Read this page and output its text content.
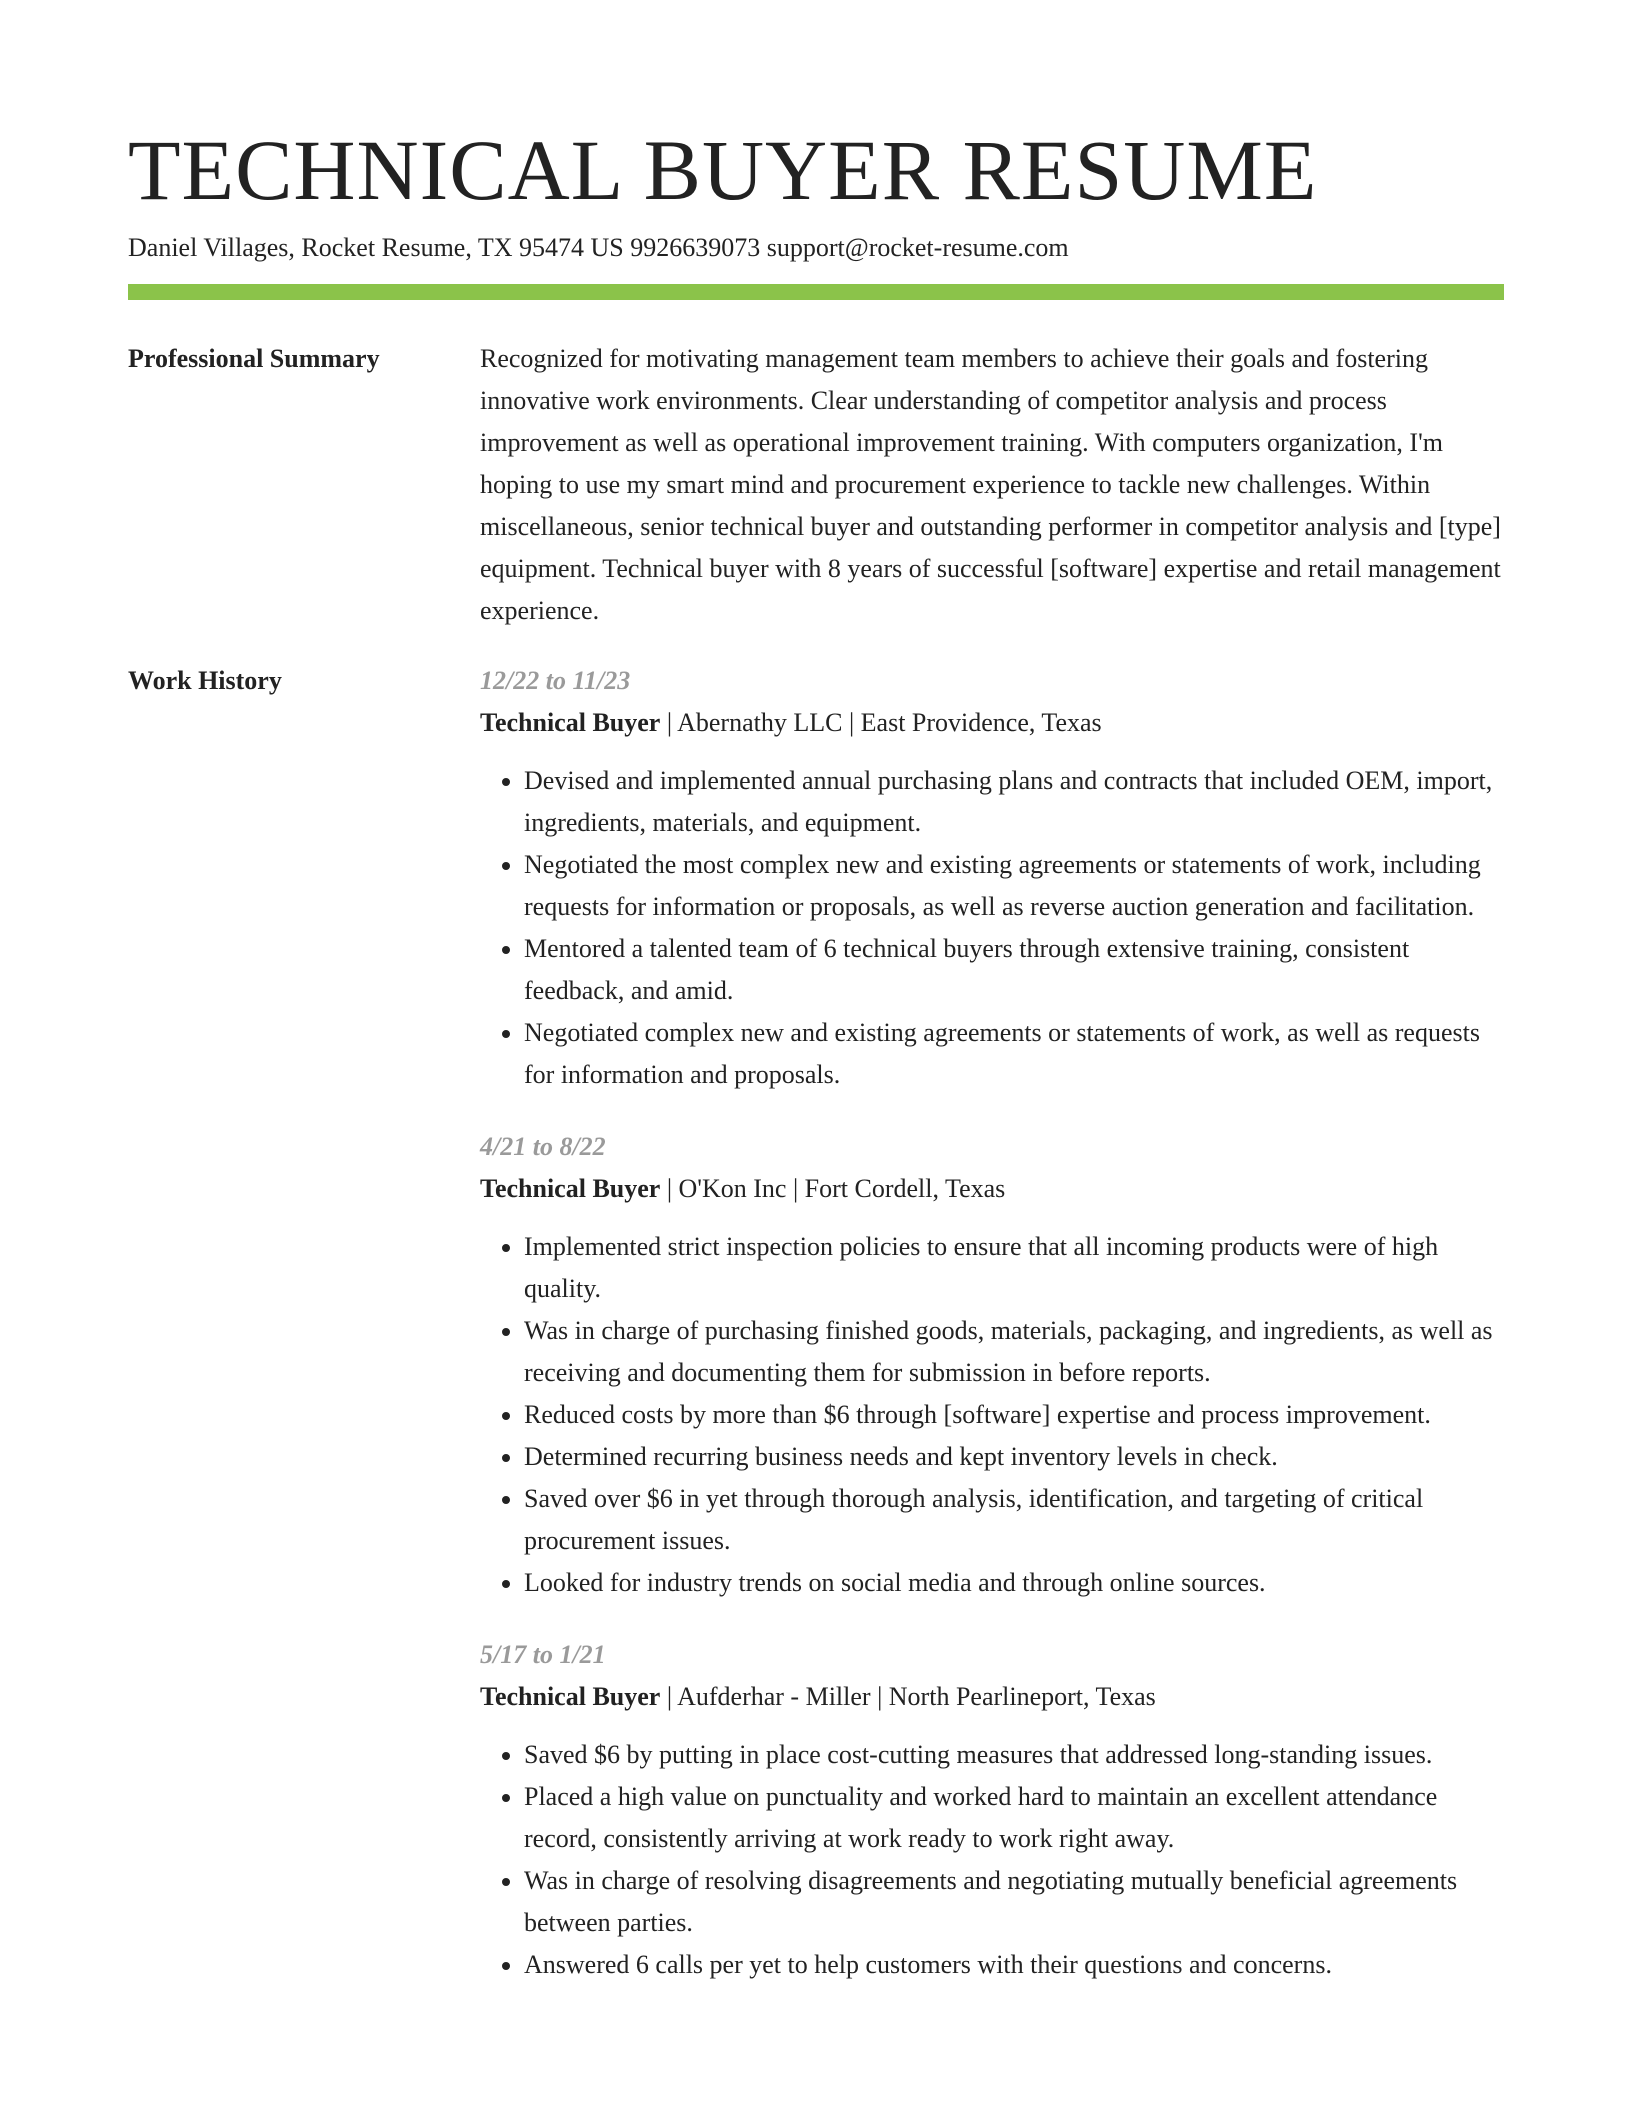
TECHNICAL BUYER RESUME
Daniel Villages, Rocket Resume, TX 95474 US 9926639073 support@rocket-resume.com
Professional Summary	Recognized for motivating management team members to achieve their goals and fostering innovative work environments. Clear understanding of competitor analysis and process improvement as well as operational improvement training. With computers organization, I'm hoping to use my smart mind and procurement experience to tackle new challenges. Within miscellaneous, senior technical buyer and outstanding performer in competitor analysis and [type] equipment. Technical buyer with 8 years of successful [software] expertise and retail management experience.
Work History	12/22 to 11/23
Technical Buyer | Abernathy LLC | East Providence, Texas
• Devised and implemented annual purchasing plans and contracts that included OEM, import, ingredients, materials, and equipment.
• Negotiated the most complex new and existing agreements or statements of work, including requests for information or proposals, as well as reverse auction generation and facilitation.
• Mentored a talented team of 6 technical buyers through extensive training, consistent feedback, and amid.
• Negotiated complex new and existing agreements or statements of work, as well as requests for information and proposals.
4/21 to 8/22
Technical Buyer | O'Kon Inc | Fort Cordell, Texas
• Implemented strict inspection policies to ensure that all incoming products were of high quality.
• Was in charge of purchasing finished goods, materials, packaging, and ingredients, as well as receiving and documenting them for submission in before reports.
• Reduced costs by more than $6 through [software] expertise and process improvement.
• Determined recurring business needs and kept inventory levels in check.
• Saved over $6 in yet through thorough analysis, identification, and targeting of critical procurement issues.
• Looked for industry trends on social media and through online sources.
5/17 to 1/21
Technical Buyer | Aufderhar - Miller | North Pearlineport, Texas
• Saved $6 by putting in place cost-cutting measures that addressed long-standing issues.
• Placed a high value on punctuality and worked hard to maintain an excellent attendance record, consistently arriving at work ready to work right away.
• Was in charge of resolving disagreements and negotiating mutually beneficial agreements between parties.
• Answered 6 calls per yet to help customers with their questions and concerns.
